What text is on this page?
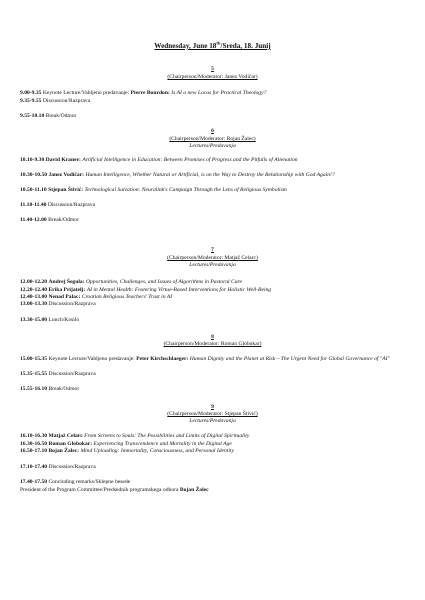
Wednesday, June 18th/Sreda, 18. Junij
5
(Chairperson/Moderator: Janez Vodičar)
9.00-9.35 Keynote Lecture/Vabljeno predavanje: Pierre Bourdon: Is AI a new Locus for Practical Theology?
9.35-9.55 Discussion/Razprava
9.55-10.10 Break/Odmor
6
(Chairperson/Moderator: Bojan Žalec)
Lectures/Predavanja
10.10-9.30 David Kraner: Artificial Intelligence in Education: Between Promises of Progress and the Pitfalls of Alienation
10.30-10.50 Janez Vodičar: Human Intelligence, Whether Natural or Artificial, is on the Way to Destroy the Relationship with God Again!?
10.50-11.10 Stjepan Štivić: Technological Salvation: Neuralink's Campaign Through the Lens of Religious Symbolism
11.10-11.40 Discussion/Razprava
11.40-12.00 Break/Odmor
7
(Chairperson/Moderator: Matjaž Celarc)
Lectures/Predavanja
12.00-12.20 Andrej Šegula: Opportunities, Challenges, and Issues of Algorithms in Pastoral Care
12.20-12.40 Erika Prijatelj: AI in Mental Health: Fostering Virtue-Based Interventions for Holistic Well-Being
12.40-13.00 Nenad Palac: Croatian Religious Teachers' Trust in AI
13.00-13.30 Discussion/Razprava
13.30-15.00 Lunch/Kosilo
8
(Chairperson/Moderator: Roman Globokar)
15.00-15.35 Keynote Lecture/Vabljeno predavanje: Peter Kirchschlaeger: Human Dignity and the Planet at Risk – The Urgent Need for Global Governance of "AI"
15.35-15.55 Discussion/Razprava
15.55-16.10 Break/Odmor
9
(Chairperson/Moderator: Stjepan Štivić)
Lectures/Predavanja
16.10-16.30 Matjaž Celarc From Screens to Souls: The Possibilities and Limits of Digital Spirituality
16.30-16.50 Roman Globokar: Experiencing Transcendence and Mortality in the Digital Age
16.50-17.10 Bojan Žalec: Mind Uploading: Immortality, Consciousness, and Personal Identity
17.10-17.40 Discussion/Razprava
17.40-17.50 Concluding remarks/Sklepne besede
President of the Program Committee/Predsednik programskega odbora Bojan Žalec
